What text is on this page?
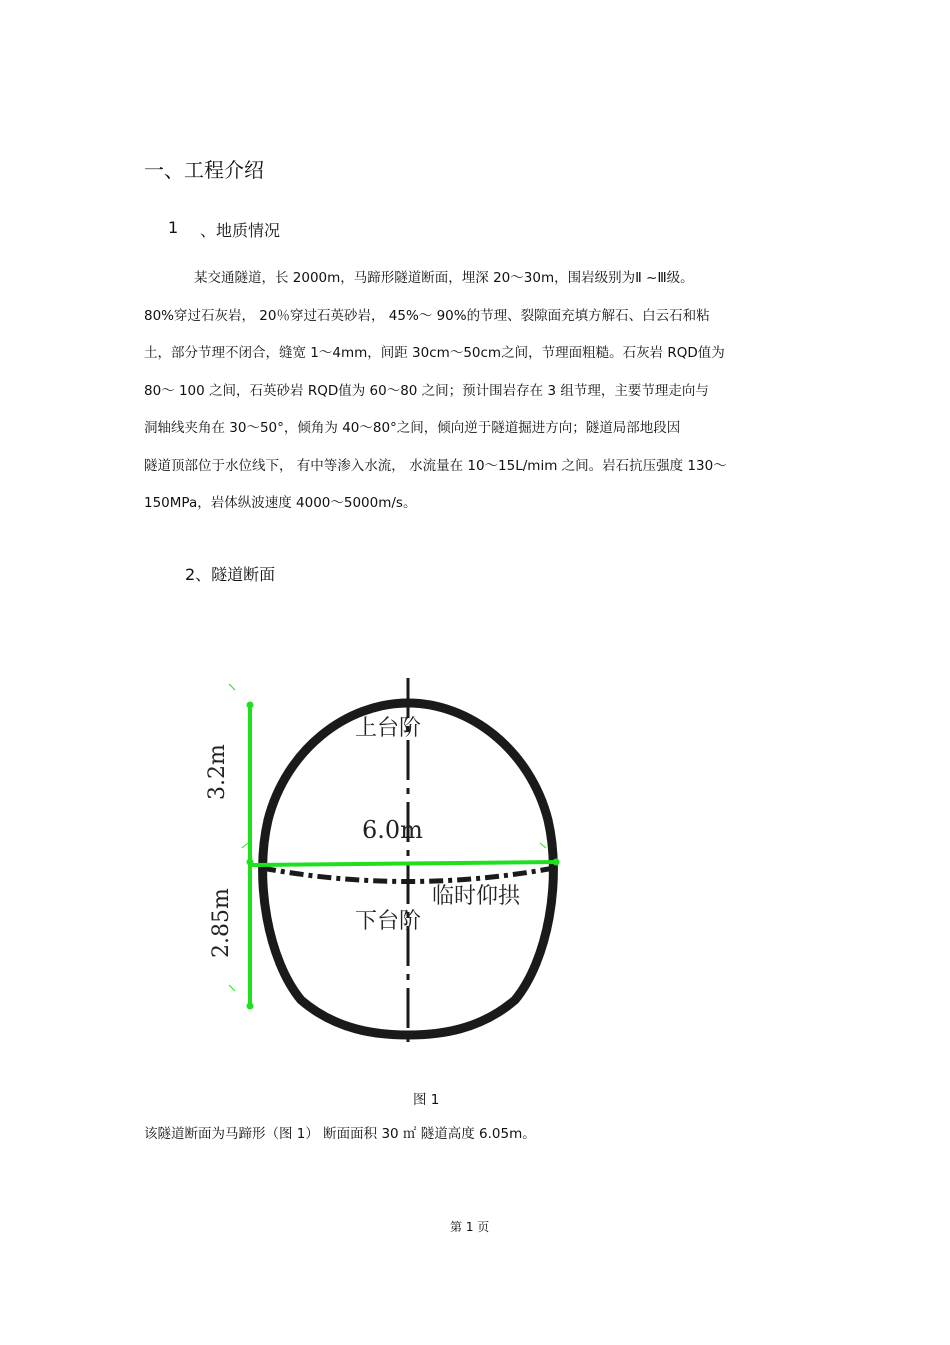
一、工程介绍
1 、地质情况
某交通隧道，长 2000m，马蹄形隧道断面，埋深 20～30m，围岩级别为Ⅱ ~Ⅲ级。
80%穿过石灰岩， 20％穿过石英砂岩， 45%～ 90%的节理、裂隙面充填方解石、白云石和粘
土，部分节理不闭合，缝宽 1～4mm，间距 30cm～50cm之间，节理面粗糙。石灰岩 RQD值为
80～ 100 之间，石英砂岩 RQD值为 60～80 之间；预计围岩存在 3 组节理，主要节理走向与
洞轴线夹角在 30～50°，倾角为 40～80°之间，倾向逆于隧道掘进方向；隧道局部地段因
隧道顶部位于水位线下， 有中等渗入水流， 水流量在 10～15L/mim 之间。岩石抗压强度 130～
150MPa，岩体纵波速度 4000～5000m/s。
2、隧道断面
上台阶
6.0m
临时仰拱
下台阶
3.2m
2.85m
图 1
该隧道断面为马蹄形（图 1） 断面面积 30 ㎡ 隧道高度 6.05m。
第 1 页
